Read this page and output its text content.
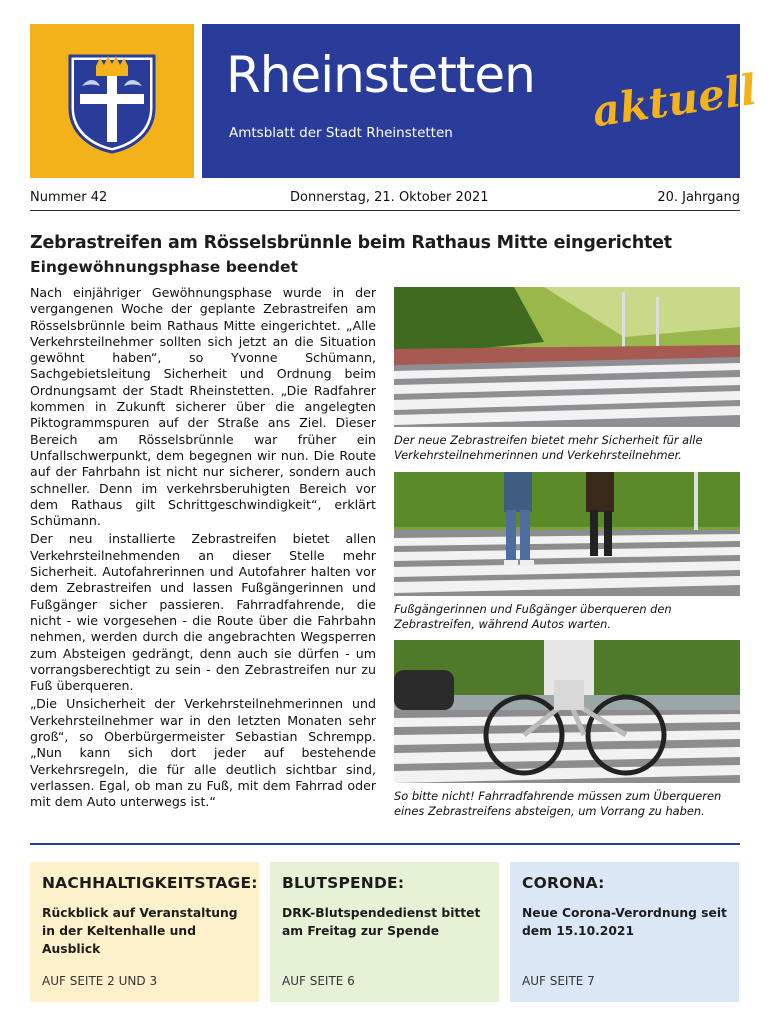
Rheinstetten aktuell
Amtsblatt der Stadt Rheinstetten
Nummer 42	Donnerstag, 21. Oktober 2021	20. Jahrgang
Zebrastreifen am Rösselsbrünnle beim Rathaus Mitte eingerichtet
Eingewöhnungsphase beendet

Nach einjähriger Gewöhnungsphase wurde in der vergangenen Woche der geplante Zebrastreifen am Rösselsbrünnle beim Rathaus Mitte eingerichtet. „Alle Verkehrsteilnehmer sollten sich jetzt an die Situation gewöhnt haben“, so Yvonne Schümann, Sachgebietsleitung Sicherheit und Ordnung beim Ordnungsamt der Stadt Rheinstetten. „Die Radfahrer kommen in Zukunft sicherer über die angelegten Piktogrammspuren auf der Straße ans Ziel. Dieser Bereich am Rösselsbrünnle war früher ein Unfallschwerpunkt, dem begegnen wir nun. Die Route auf der Fahrbahn ist nicht nur sicherer, sondern auch schneller. Denn im verkehrsberuhigten Bereich vor dem Rathaus gilt Schrittgeschwindigkeit“, erklärt Schümann.

Der neu installierte Zebrastreifen bietet allen Verkehrsteilnehmenden an dieser Stelle mehr Sicherheit. Autofahrerinnen und Autofahrer halten vor dem Zebrastreifen und lassen Fußgängerinnen und Fußgänger sicher passieren. Fahrradfahrende, die nicht - wie vorgesehen - die Route über die Fahrbahn nehmen, werden durch die angebrachten Wegsperren zum Absteigen gedrängt, denn auch sie dürfen - um vorrangsberechtigt zu sein - den Zebrastreifen nur zu Fuß überqueren.

„Die Unsicherheit der Verkehrsteilnehmerinnen und Verkehrsteilnehmer war in den letzten Monaten sehr groß“, so Oberbürgermeister Sebastian Schrempp. „Nun kann sich dort jeder auf bestehende Verkehrsregeln, die für alle deutlich sichtbar sind, verlassen. Egal, ob man zu Fuß, mit dem Fahrrad oder mit dem Auto unterwegs ist.“

Der neue Zebrastreifen bietet mehr Sicherheit für alle Verkehrsteilnehmerinnen und Verkehrsteilnehmer.
Fußgängerinnen und Fußgänger überqueren den Zebrastreifen, während Autos warten.
So bitte nicht! Fahrradfahrende müssen zum Überqueren eines Zebrastreifens absteigen, um Vorrang zu haben.
NACHHALTIGKEITSTAGE:
Rückblick auf Veranstaltung in der Keltenhalle und Ausblick
AUF SEITE 2 UND 3
BLUTSPENDE:
DRK-Blutspendedienst bittet am Freitag zur Spende
AUF SEITE 6
CORONA:
Neue Corona-Verordnung seit dem 15.10.2021
AUF SEITE 7
